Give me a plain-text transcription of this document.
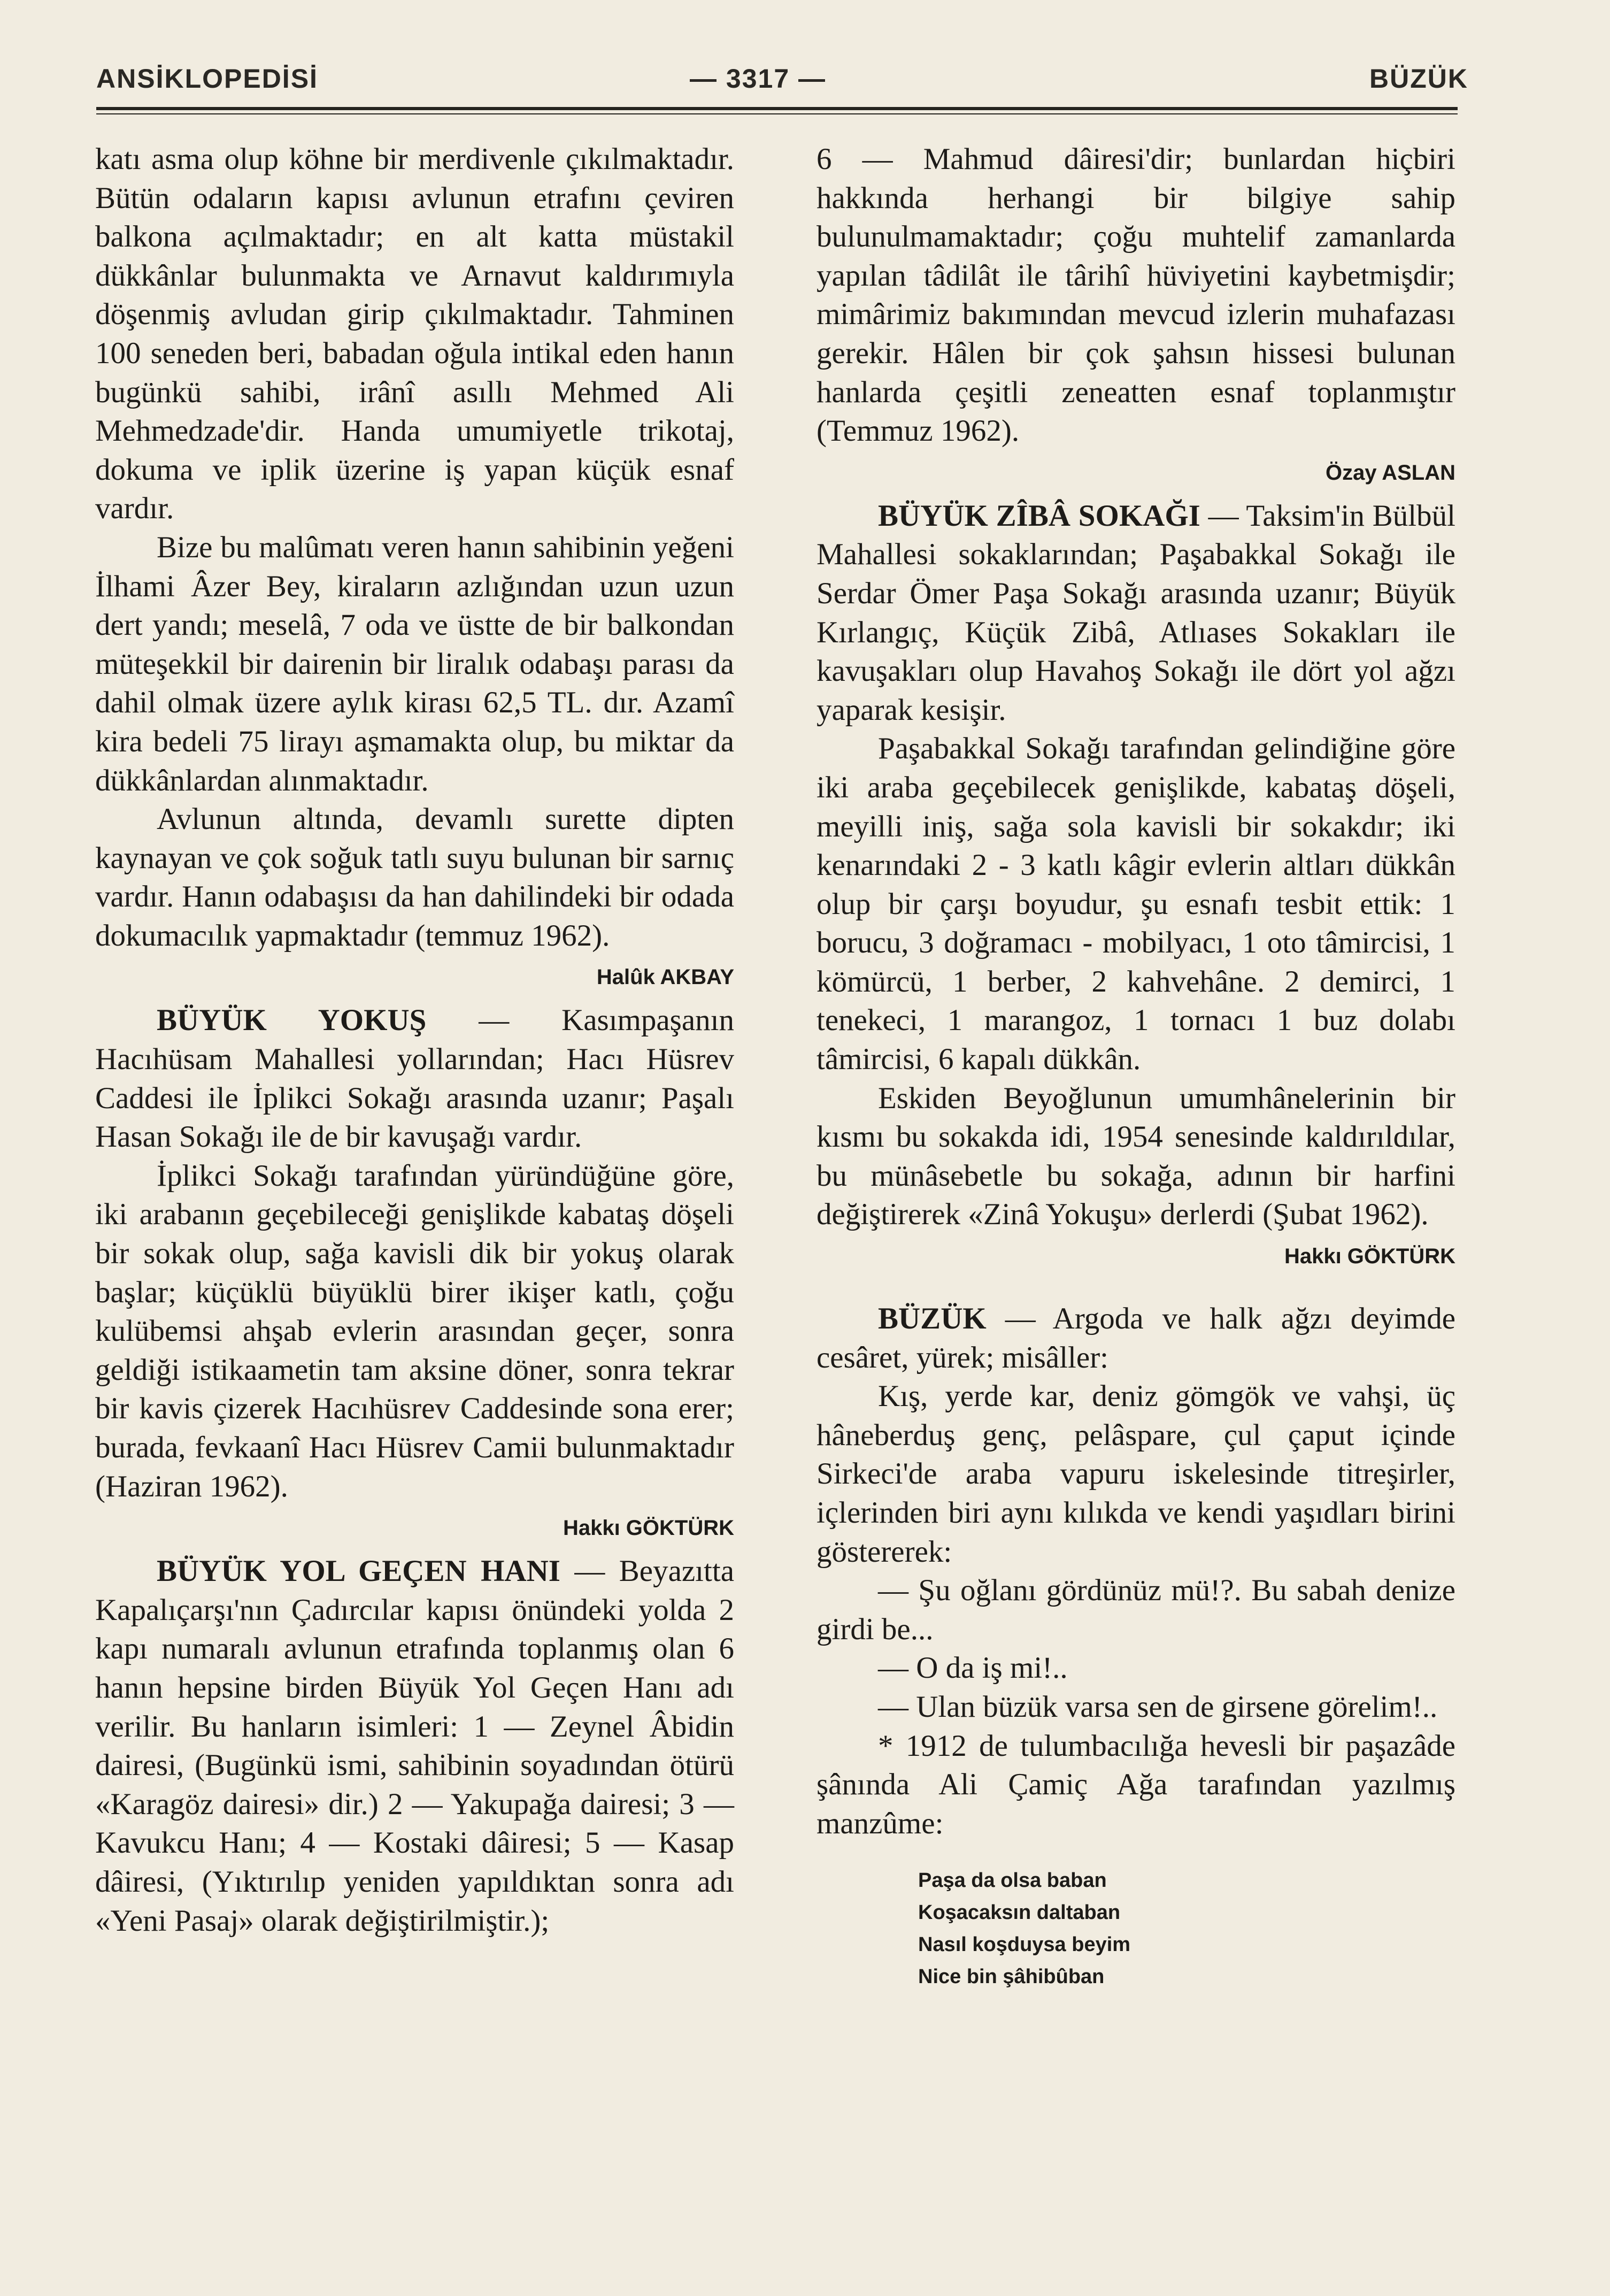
ANSİKLOPEDİSİ	— 3317 —	BÜZÜK

katı asma olup köhne bir merdivenle çıkılmaktadır. Bütün odaların kapısı avlunun etrafını çeviren balkona açılmaktadır; en alt katta müstakil dükkânlar bulunmakta ve Arnavut kaldırımıyla döşenmiş avludan girip çıkılmaktadır. Tahminen 100 seneden beri, babadan oğula intikal eden hanın bugünkü sahibi, irânî asıllı Mehmed Ali Mehmedzade'dir. Handa umumiyetle trikotaj, dokuma ve iplik üzerine iş yapan küçük esnaf vardır.

Bize bu malûmatı veren hanın sahibinin yeğeni İlhami Âzer Bey, kiraların azlığından uzun uzun dert yandı; meselâ, 7 oda ve üstte de bir balkondan müteşekkil bir dairenin bir liralık odabaşı parası da dahil olmak üzere aylık kirası 62,5 TL. dır. Azamî kira bedeli 75 lirayı aşmamakta olup, bu miktar da dükkânlardan alınmaktadır.

Avlunun altında, devamlı surette dipten kaynayan ve çok soğuk tatlı suyu bulunan bir sarnıç vardır. Hanın odabaşısı da han dahilindeki bir odada dokumacılık yapmaktadır (temmuz 1962).

Halûk AKBAY

BÜYÜK YOKUŞ — Kasımpaşanın Hacıhüsam Mahallesi yollarından; Hacı Hüsrev Caddesi ile İplikci Sokağı arasında uzanır; Paşalı Hasan Sokağı ile de bir kavuşağı vardır.

İplikci Sokağı tarafından yüründüğüne göre, iki arabanın geçebileceği genişlikde kabataş döşeli bir sokak olup, sağa kavisli dik bir yokuş olarak başlar; küçüklü büyüklü birer ikişer katlı, çoğu kulübemsi ahşab evlerin arasından geçer, sonra geldiği istikaametin tam aksine döner, sonra tekrar bir kavis çizerek Hacıhüsrev Caddesinde sona erer; burada, fevkaanî Hacı Hüsrev Camii bulunmaktadır (Haziran 1962).

Hakkı GÖKTÜRK

BÜYÜK YOL GEÇEN HANI — Beyazıtta Kapalıçarşı'nın Çadırcılar kapısı önündeki yolda 2 kapı numaralı avlunun etrafında toplanmış olan 6 hanın hepsine birden Büyük Yol Geçen Hanı adı verilir. Bu hanların isimleri: 1 — Zeynel Âbidin dairesi, (Bugünkü ismi, sahibinin soyadından ötürü «Karagöz dairesi» dir.) 2 — Yakupağa dairesi; 3 — Kavukcu Hanı; 4 — Kostaki dâiresi; 5 — Kasap dâiresi, (Yıktırılıp yeniden yapıldıktan sonra adı «Yeni Pasaj» olarak değiştirilmiştir.);

6 — Mahmud dâiresi'dir; bunlardan hiçbiri hakkında herhangi bir bilgiye sahip bulunulmamaktadır; çoğu muhtelif zamanlarda yapılan tâdilât ile târihî hüviyetini kaybetmişdir; mimârimiz bakımından mevcud izlerin muhafazası gerekir. Hâlen bir çok şahsın hissesi bulunan hanlarda çeşitli zeneatten esnaf toplanmıştır (Temmuz 1962).

Özay ASLAN

BÜYÜK ZÎBÂ SOKAĞI — Taksim'in Bülbül Mahallesi sokaklarından; Paşabakkal Sokağı ile Serdar Ömer Paşa Sokağı arasında uzanır; Büyük Kırlangıç, Küçük Zibâ, Atlıases Sokakları ile kavuşakları olup Havahoş Sokağı ile dört yol ağzı yaparak kesişir.

Paşabakkal Sokağı tarafından gelindiğine göre iki araba geçebilecek genişlikde, kabataş döşeli, meyilli iniş, sağa sola kavisli bir sokakdır; iki kenarındaki 2 - 3 katlı kâgir evlerin altları dükkân olup bir çarşı boyudur, şu esnafı tesbit ettik: 1 borucu, 3 doğramacı - mobilyacı, 1 oto tâmircisi, 1 kömürcü, 1 berber, 2 kahvehâne. 2 demirci, 1 tenekeci, 1 marangoz, 1 tornacı 1 buz dolabı tâmircisi, 6 kapalı dükkân.

Eskiden Beyoğlunun umumhânelerinin bir kısmı bu sokakda idi, 1954 senesinde kaldırıldılar, bu münâsebetle bu sokağa, adının bir harfini değiştirerek «Zinâ Yokuşu» derlerdi (Şubat 1962).

Hakkı GÖKTÜRK

BÜZÜK — Argoda ve halk ağzı deyimde cesâret, yürek; misâller:

Kış, yerde kar, deniz gömgök ve vahşi, üç hâneberduş genç, pelâspare, çul çaput içinde Sirkeci'de araba vapuru iskelesinde titreşirler, içlerinden biri aynı kılıkda ve kendi yaşıdları birini göstererek:

— Şu oğlanı gördünüz mü!?. Bu sabah denize girdi be...

— O da iş mi!..

— Ulan büzük varsa sen de girsene görelim!..

* 1912 de tulumbacılığa hevesli bir paşazâde şânında Ali Çamiç Ağa tarafından yazılmış manzûme:

Paşa da olsa baban
Koşacaksın daltaban
Nasıl koşduysa beyim
Nice bin şâhibûban
